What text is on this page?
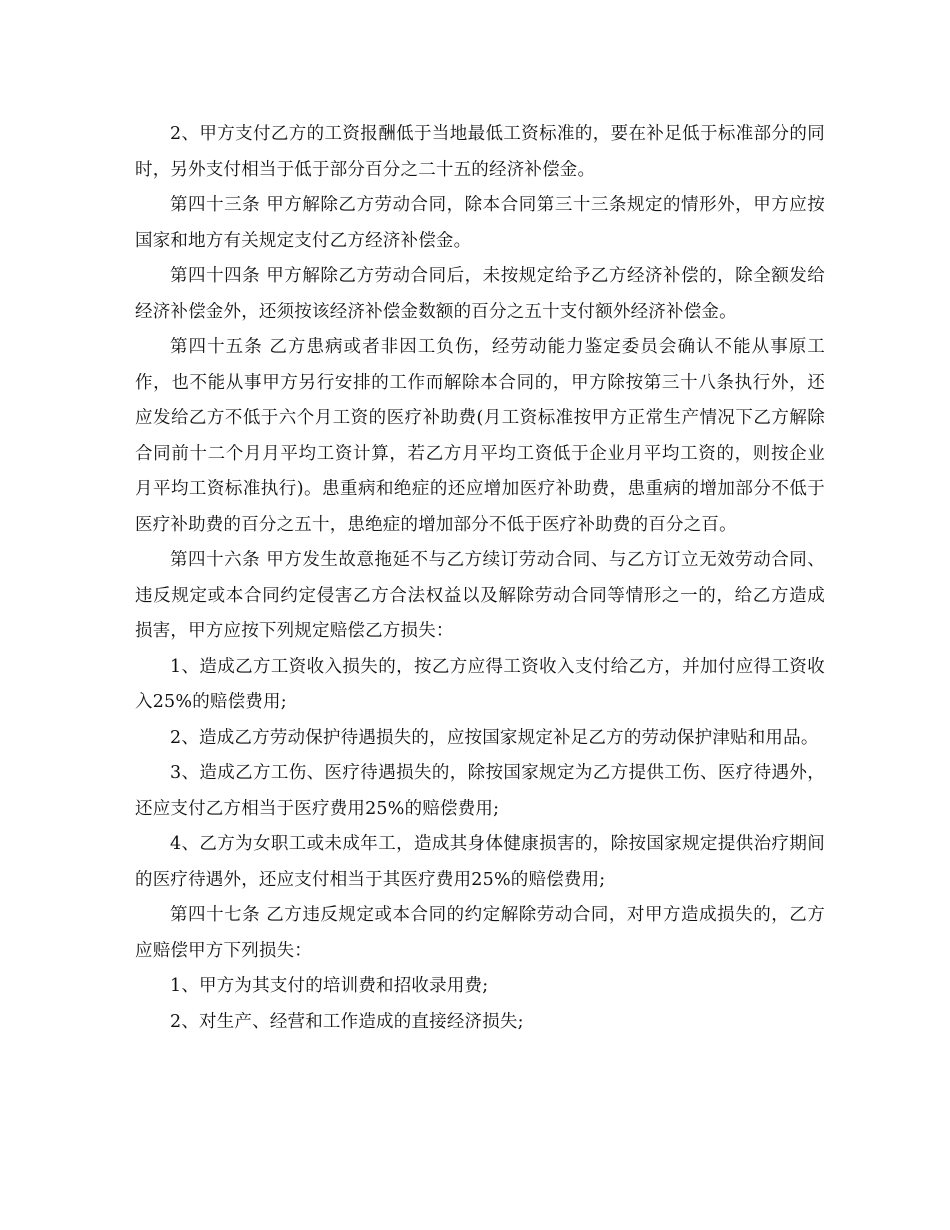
2、甲方支付乙方的工资报酬低于当地最低工资标准的，要在补足低于标准部分的同时，另外支付相当于低于部分百分之二十五的经济补偿金。

第四十三条 甲方解除乙方劳动合同，除本合同第三十三条规定的情形外，甲方应按国家和地方有关规定支付乙方经济补偿金。

第四十四条 甲方解除乙方劳动合同后，未按规定给予乙方经济补偿的，除全额发给经济补偿金外，还须按该经济补偿金数额的百分之五十支付额外经济补偿金。

第四十五条 乙方患病或者非因工负伤，经劳动能力鉴定委员会确认不能从事原工作，也不能从事甲方另行安排的工作而解除本合同的，甲方除按第三十八条执行外，还应发给乙方不低于六个月工资的医疗补助费(月工资标准按甲方正常生产情况下乙方解除合同前十二个月月平均工资计算，若乙方月平均工资低于企业月平均工资的，则按企业月平均工资标准执行)。患重病和绝症的还应增加医疗补助费，患重病的增加部分不低于医疗补助费的百分之五十，患绝症的增加部分不低于医疗补助费的百分之百。

第四十六条 甲方发生故意拖延不与乙方续订劳动合同、与乙方订立无效劳动合同、违反规定或本合同约定侵害乙方合法权益以及解除劳动合同等情形之一的，给乙方造成损害，甲方应按下列规定赔偿乙方损失：

1、造成乙方工资收入损失的，按乙方应得工资收入支付给乙方，并加付应得工资收入25%的赔偿费用;

2、造成乙方劳动保护待遇损失的，应按国家规定补足乙方的劳动保护津贴和用品。

3、造成乙方工伤、医疗待遇损失的，除按国家规定为乙方提供工伤、医疗待遇外，还应支付乙方相当于医疗费用25%的赔偿费用;

4、乙方为女职工或未成年工，造成其身体健康损害的，除按国家规定提供治疗期间的医疗待遇外，还应支付相当于其医疗费用25%的赔偿费用;

第四十七条 乙方违反规定或本合同的约定解除劳动合同，对甲方造成损失的，乙方应赔偿甲方下列损失：

1、甲方为其支付的培训费和招收录用费;

2、对生产、经营和工作造成的直接经济损失;
